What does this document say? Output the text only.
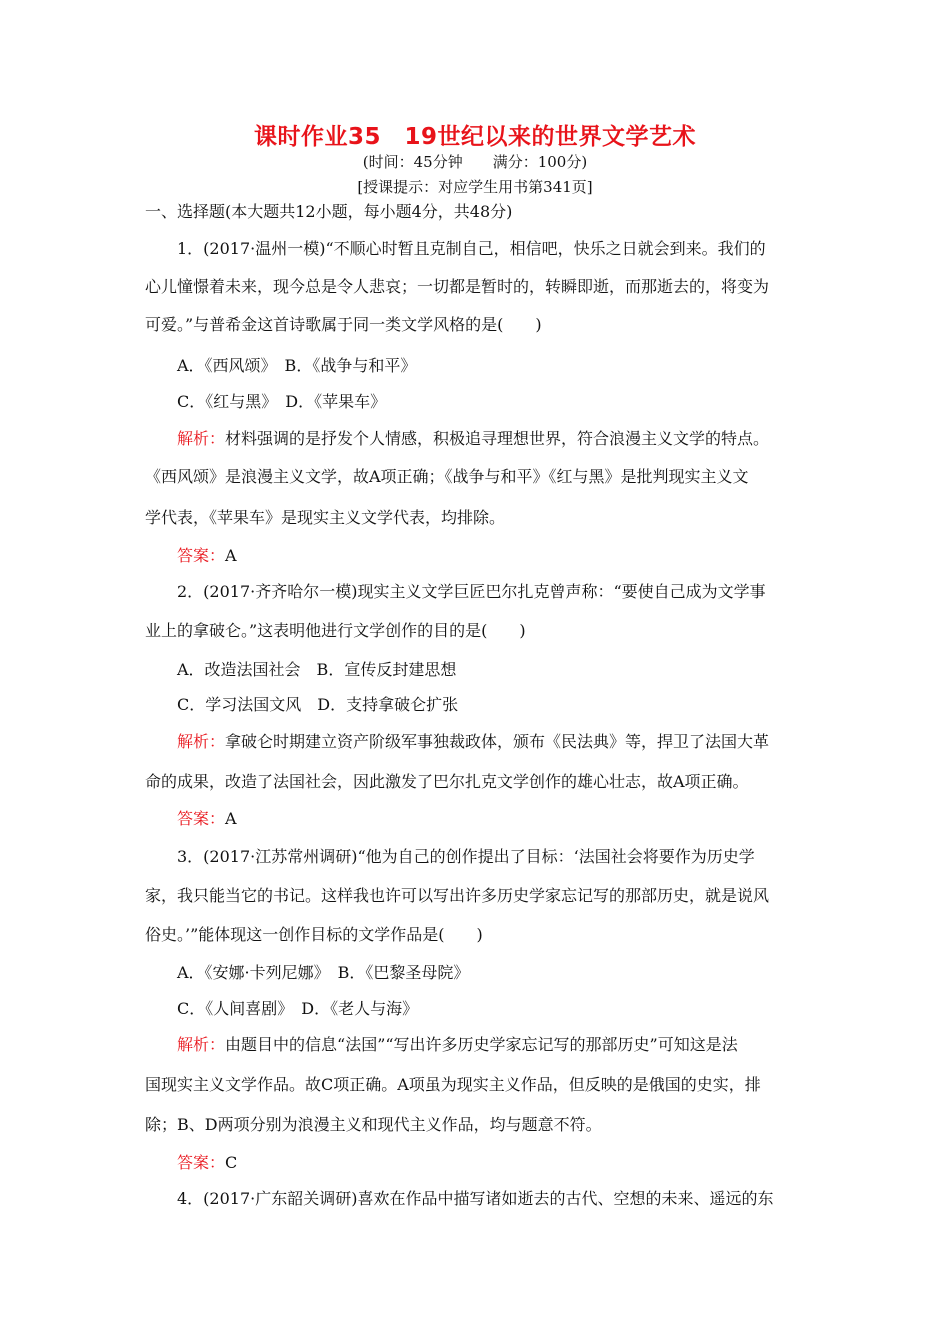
课时作业35　19世纪以来的世界文学艺术
(时间：45分钟　　满分：100分)
[授课提示：对应学生用书第341页]
一、选择题(本大题共12小题，每小题4分，共48分)
1．(2017·温州一模)“不顺心时暂且克制自己，相信吧，快乐之日就会到来。我们的
心儿憧憬着未来，现今总是令人悲哀；一切都是暂时的，转瞬即逝，而那逝去的，将变为
可爱。”与普希金这首诗歌属于同一类文学风格的是(　　)
A．《西风颂》　B．《战争与和平》
C．《红与黑》　D．《苹果车》
解析：材料强调的是抒发个人情感，积极追寻理想世界，符合浪漫主义文学的特点。
《西风颂》是浪漫主义文学，故A项正确；《战争与和平》《红与黑》是批判现实主义文
学代表，《苹果车》是现实主义文学代表，均排除。
答案：A
2．(2017·齐齐哈尔一模)现实主义文学巨匠巴尔扎克曾声称：“要使自己成为文学事
业上的拿破仑。”这表明他进行文学创作的目的是(　　)
A．改造法国社会　B．宣传反封建思想
C．学习法国文风　D．支持拿破仑扩张
解析：拿破仑时期建立资产阶级军事独裁政体，颁布《民法典》等，捍卫了法国大革
命的成果，改造了法国社会，因此激发了巴尔扎克文学创作的雄心壮志，故A项正确。
答案：A
3．(2017·江苏常州调研)“他为自己的创作提出了目标：‘法国社会将要作为历史学
家，我只能当它的书记。这样我也许可以写出许多历史学家忘记写的那部历史，就是说风
俗史。’”能体现这一创作目标的文学作品是(　　)
A．《安娜·卡列尼娜》　B．《巴黎圣母院》
C．《人间喜剧》　D．《老人与海》
解析：由题目中的信息“法国”“写出许多历史学家忘记写的那部历史”可知这是法
国现实主义文学作品。故C项正确。A项虽为现实主义作品，但反映的是俄国的史实，排
除；B、D两项分别为浪漫主义和现代主义作品，均与题意不符。
答案：C
4．(2017·广东韶关调研)喜欢在作品中描写诸如逝去的古代、空想的未来、遥远的东
